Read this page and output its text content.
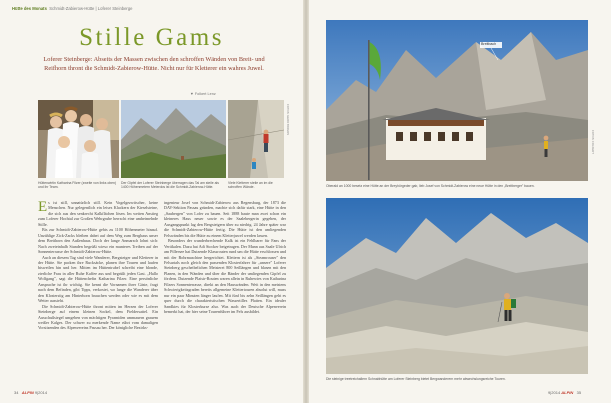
Hütte des Monats Schmidt-Zabierow-Hütte | Loferer Steinberge
Stille Gams

Loferer Steinberge: Abseits der Massen zwischen den schroffen Wänden von Breit- und Reifhorn thront die Schmidt-Zabierow-Hütte. Nicht nur für Kletterer ein wahres Juwel.

▼ Folkert Lenz
FOTOS: GERD BAYERS

Hüttenwirtin Katharina Filzer (zweite von links oben) und ihr Team.

Der Gipfel der Loferer Steinberge überragen das Tal am steile als 1400 Höhenmetern Meterdos ist die Schmidt-Zabierow-Hütte.

Viele Kletterer steile an im die schroffen Wände.

Es ist still, unnatürlich still. Kein Vogelgezwitscher, keine Menschen. Nur gelegentlich ein leises Klackern der Kieselsteine, die sich aus den senkrecht Kalkflächen lösen. Im weiten Anstieg zum Loferer Hochtal zur Großen Wehrgrube herrscht eine umheimelnde Stille.

Bis zur Schmidt-Zabierow-Hütte gehts zu 1100 Höhenmeter hinauf. Unzählige Zick-Zacks bleiben dabei auf dem Weg zum Bergbaus unser dem Breithorn den Außenhaus. Doch der lange Anmarsch lohnt sich: Nach zweieinhalb Stunden begrüßt wieso ein munteres Treiben auf der Sonnenterrasse der Schmidt-Zabierow-Hütte.

Auch an diesem Tag sind viele Wanderer, Bergsteiger und Kletterer in der Hütte. Sie packen ihre Rucksäcke, planen ihre Touren und laufen bisweilen hin und her. Mitten im Hüttentrubel schreibt eine blonde, zierliche Frau in aller Ruhe Kaffee aus und begrüßt jeden Gast. „Hallo Wolfgang", sagt die Hüttenchefin Katharina Filzer. Eine persönliche Ansprache ist ihr wichtig. Sie kennt die Vornamen ihrer Gäste, fragt nach dem Befinden, gibt Tipps, verkostet, wo lange die Wanderer über den Klosterstig am Hinterhorn brauchen werden oder wie es mit dem Wetter aussieht.

Die Schmidt-Zabierow-Hütte thront mitten im Herzen der Loferer Steinberge auf einem kleinen Sockel, dem Fieldersattel. Ein Ausschußsiegel umgeben von mächtigen Pyramiden ummauern grauem weißer Kalges. Der schwer zu merkende Name rührt vom damaligen Vorsitzenden des Alpenvereins Passau her. Der königliche Bezirks-

ingenieur Josef von Schmidt-Zabierow aus Regensburg, der 1873 die DAV-Sektion Passau gründen, machte sich dafür stark, eine Hütte in den „Saubergen" von Lofer zu bauen. Seit 1888 baute man zwei schon ein kleineres Haus neuer sowie es der Saalebergerin gegeben, der Ausgangspunkt lag den Bergsteigern über zu niedrig. 24 Jahre später war die Schmidt-Zabierow-Hütte fertig. Die Hütte ist den umliegenden Felswänden bis die Hütte zu einem Kletterjuwel werden lassen.

Besonders der wunderbrechende Kalk ist ein Fehlbarer für Fans der Vertikalen. Dazu hat Adi Stocker beigetragen. Der Mann aus Saale Ulrich am Pillersee hat Dutzende Klassrouten rund um die Hütte erschlossen und mit der Bohrmaschine hergerichtet. Klettern ist als „Steamrouser" den Felsartals noch gleich den passenden Klosterfahrer für „unsere" Loferer Steinberg gescheibelichen Meisterei 800 Seillängen und blasen mit den Planen, in den Wänden und über die Bänder der umliegenden Gipfel zu fördern. Dutzende Plaisir-Routen waren allein in Ruhewies von Katharina Filzers Sonnenterrasse, direkt an den Hauswänden. Weit in den meistens Schwierigkeitsgraden bereits allgemeine Klettertouren absolut will, muss nur ein paar Minuten länger laufen. Mit fünf bis zehn Seillängen geht es quer durch die charakteristischen Wassertilles Platten. Ein idealer Sandkies für Klosterkurse also. Was auch der Deutsche Alpenverein bemerkt hat, der hier seine Tourenführer im Fels ausbildet.

34 ALPIN 9|2014
Breitbach
FOTOS: FOLKERT

Oberald an 1000 besetz eine Hütte an der Breyhörgeder gab, lieb Josef von Schmidt-Zabierow eine neue Hütte in den „Breitberger" bauen.

Die steinige treetreichallern Schnabhütte am Loferer Steinberg bietet Bergwanderern mehr abwechslungsreiche Touren.

9|2014 ALPIN 35
